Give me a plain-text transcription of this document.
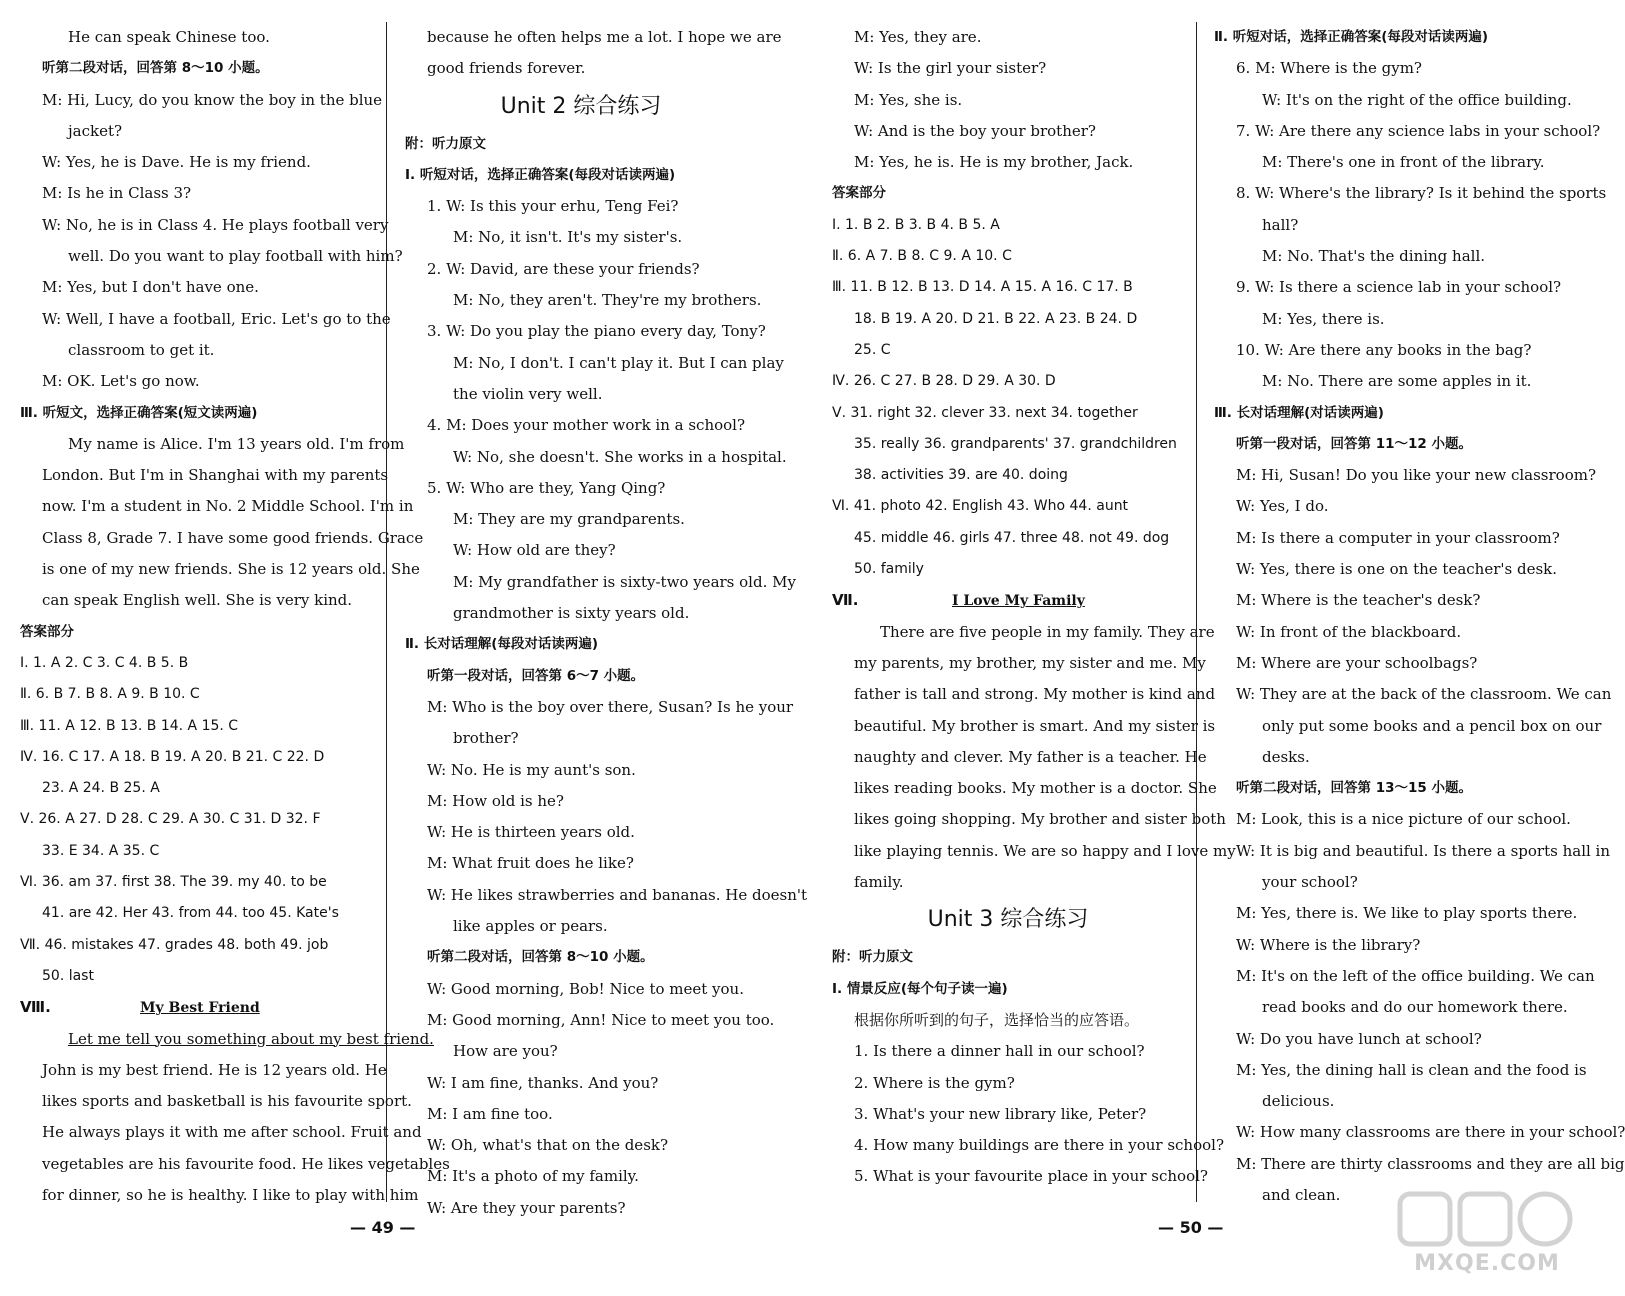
He can speak Chinese too.
听第二段对话，回答第 8～10 小题。
M: Hi, Lucy, do you know the boy in the blue
jacket?
W: Yes, he is Dave. He is my friend.
M: Is he in Class 3?
W: No, he is in Class 4. He plays football very
well. Do you want to play football with him?
M: Yes, but I don't have one.
W: Well, I have a football, Eric. Let's go to the
classroom to get it.
M: OK. Let's go now.
Ⅲ. 听短文，选择正确答案(短文读两遍)
My name is Alice. I'm 13 years old. I'm from
London. But I'm in Shanghai with my parents
now. I'm a student in No. 2 Middle School. I'm in
Class 8, Grade 7. I have some good friends. Grace
is one of my new friends. She is 12 years old. She
can speak English well. She is very kind.
答案部分
Ⅰ. 1. A 2. C 3. C 4. B 5. B
Ⅱ. 6. B 7. B 8. A 9. B 10. C
Ⅲ. 11. A 12. B 13. B 14. A 15. C
Ⅳ. 16. C 17. A 18. B 19. A 20. B 21. C 22. D
23. A 24. B 25. A
Ⅴ. 26. A 27. D 28. C 29. A 30. C 31. D 32. F
33. E 34. A 35. C
Ⅵ. 36. am 37. first 38. The 39. my 40. to be
41. are 42. Her 43. from 44. too 45. Kate's
Ⅶ. 46. mistakes 47. grades 48. both 49. job
50. last
Ⅷ.	My Best Friend
Let me tell you something about my best friend.
John is my best friend. He is 12 years old. He
likes sports and basketball is his favourite sport.
He always plays it with me after school. Fruit and
vegetables are his favourite food. He likes vegetables
for dinner, so he is healthy. I like to play with him
because he often helps me a lot. I hope we are
good friends forever.
Unit 2 综合练习
附：听力原文
Ⅰ. 听短对话，选择正确答案(每段对话读两遍)
1. W: Is this your erhu, Teng Fei?
M: No, it isn't. It's my sister's.
2. W: David, are these your friends?
M: No, they aren't. They're my brothers.
3. W: Do you play the piano every day, Tony?
M: No, I don't. I can't play it. But I can play
the violin very well.
4. M: Does your mother work in a school?
W: No, she doesn't. She works in a hospital.
5. W: Who are they, Yang Qing?
M: They are my grandparents.
W: How old are they?
M: My grandfather is sixty-two years old. My
grandmother is sixty years old.
Ⅱ. 长对话理解(每段对话读两遍)
听第一段对话，回答第 6～7 小题。
M: Who is the boy over there, Susan? Is he your
brother?
W: No. He is my aunt's son.
M: How old is he?
W: He is thirteen years old.
M: What fruit does he like?
W: He likes strawberries and bananas. He doesn't
like apples or pears.
听第二段对话，回答第 8～10 小题。
W: Good morning, Bob! Nice to meet you.
M: Good morning, Ann! Nice to meet you too.
How are you?
W: I am fine, thanks. And you?
M: I am fine too.
W: Oh, what's that on the desk?
M: It's a photo of my family.
W: Are they your parents?
M: Yes, they are.
W: Is the girl your sister?
M: Yes, she is.
W: And is the boy your brother?
M: Yes, he is. He is my brother, Jack.
答案部分
Ⅰ. 1. B 2. B 3. B 4. B 5. A
Ⅱ. 6. A 7. B 8. C 9. A 10. C
Ⅲ. 11. B 12. B 13. D 14. A 15. A 16. C 17. B
18. B 19. A 20. D 21. B 22. A 23. B 24. D
25. C
Ⅳ. 26. C 27. B 28. D 29. A 30. D
Ⅴ. 31. right 32. clever 33. next 34. together
35. really 36. grandparents' 37. grandchildren
38. activities 39. are 40. doing
Ⅵ. 41. photo 42. English 43. Who 44. aunt
45. middle 46. girls 47. three 48. not 49. dog
50. family
Ⅶ.	I Love My Family
There are five people in my family. They are
my parents, my brother, my sister and me. My
father is tall and strong. My mother is kind and
beautiful. My brother is smart. And my sister is
naughty and clever. My father is a teacher. He
likes reading books. My mother is a doctor. She
likes going shopping. My brother and sister both
like playing tennis. We are so happy and I love my
family.
Unit 3 综合练习
附：听力原文
Ⅰ. 情景反应(每个句子读一遍)
根据你所听到的句子，选择恰当的应答语。
1. Is there a dinner hall in our school?
2. Where is the gym?
3. What's your new library like, Peter?
4. How many buildings are there in your school?
5. What is your favourite place in your school?
Ⅱ. 听短对话，选择正确答案(每段对话读两遍)
6. M: Where is the gym?
W: It's on the right of the office building.
7. W: Are there any science labs in your school?
M: There's one in front of the library.
8. W: Where's the library? Is it behind the sports
hall?
M: No. That's the dining hall.
9. W: Is there a science lab in your school?
M: Yes, there is.
10. W: Are there any books in the bag?
M: No. There are some apples in it.
Ⅲ. 长对话理解(对话读两遍)
听第一段对话，回答第 11～12 小题。
M: Hi, Susan! Do you like your new classroom?
W: Yes, I do.
M: Is there a computer in your classroom?
W: Yes, there is one on the teacher's desk.
M: Where is the teacher's desk?
W: In front of the blackboard.
M: Where are your schoolbags?
W: They are at the back of the classroom. We can
only put some books and a pencil box on our
desks.
听第二段对话，回答第 13～15 小题。
M: Look, this is a nice picture of our school.
W: It is big and beautiful. Is there a sports hall in
your school?
M: Yes, there is. We like to play sports there.
W: Where is the library?
M: It's on the left of the office building. We can
read books and do our homework there.
W: Do you have lunch at school?
M: Yes, the dining hall is clean and the food is
delicious.
W: How many classrooms are there in your school?
M: There are thirty classrooms and they are all big
and clean.
— 49 —	— 50 —
MXQE.COM
